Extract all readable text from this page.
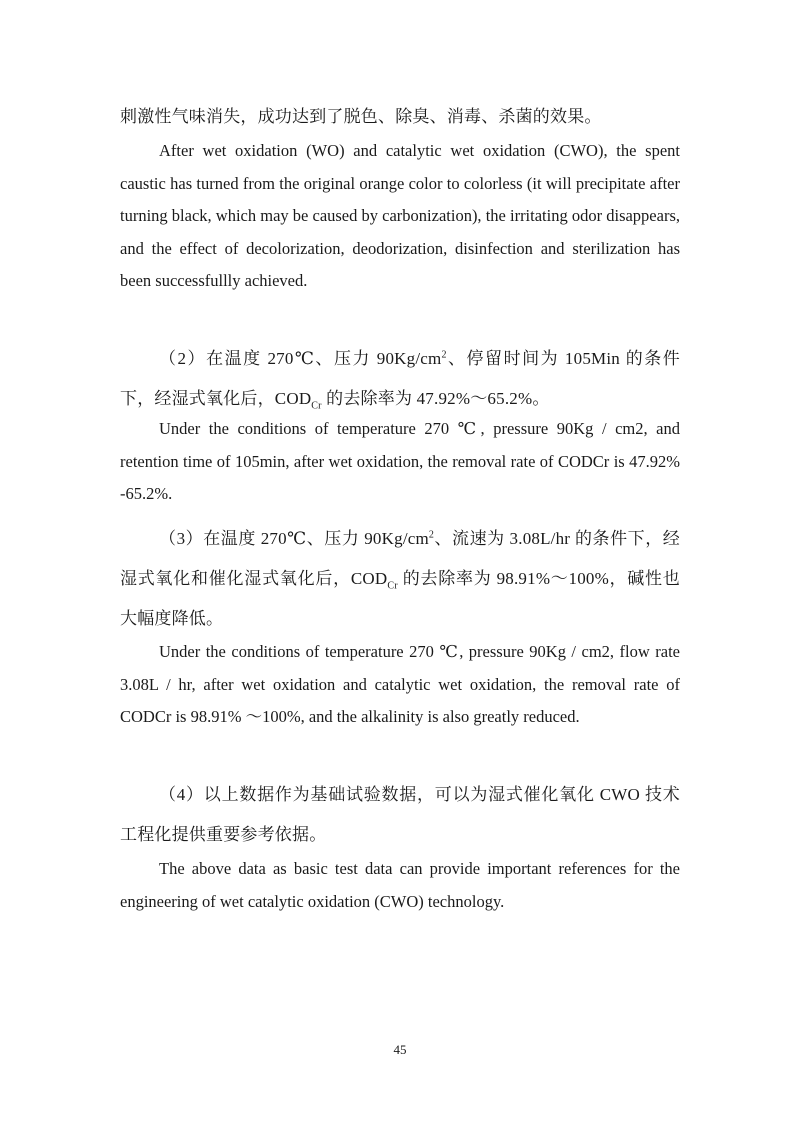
刺激性气味消失，成功达到了脱色、除臭、消毒、杀菌的效果。
After wet oxidation (WO) and catalytic wet oxidation (CWO), the spent caustic has turned from the original orange color to colorless (it will precipitate after turning black, which may be caused by carbonization), the irritating odor disappears, and the effect of decolorization, deodorization, disinfection and sterilization has been successfullly achieved.
（2）在温度 270℃、压力 $90Kg/cm^2$、停留时间为 105Min 的条件下，经湿式氧化后，$COD_{Cr}$ 的去除率为 47.92%～65.2%。
Under the conditions of temperature 270 ℃, pressure 90Kg / cm2, and retention time of 105min, after wet oxidation, the removal rate of CODCr is 47.92% -65.2%.
（3）在温度 270℃、压力 $90Kg/cm^2$、流速为 3.08L/hr 的条件下，经湿式氧化和催化湿式氧化后，$COD_{Cr}$ 的去除率为 98.91%～100%，碱性也大幅度降低。
Under the conditions of temperature 270 ℃, pressure 90Kg / cm2, flow rate 3.08L / hr, after wet oxidation and catalytic wet oxidation, the removal rate of CODCr is 98.91% ～100%, and the alkalinity is also greatly reduced.
（4）以上数据作为基础试验数据，可以为湿式催化氧化 CWO 技术工程化提供重要参考依据。
The above data as basic test data can provide important references for the engineering of wet catalytic oxidation (CWO) technology.
45
